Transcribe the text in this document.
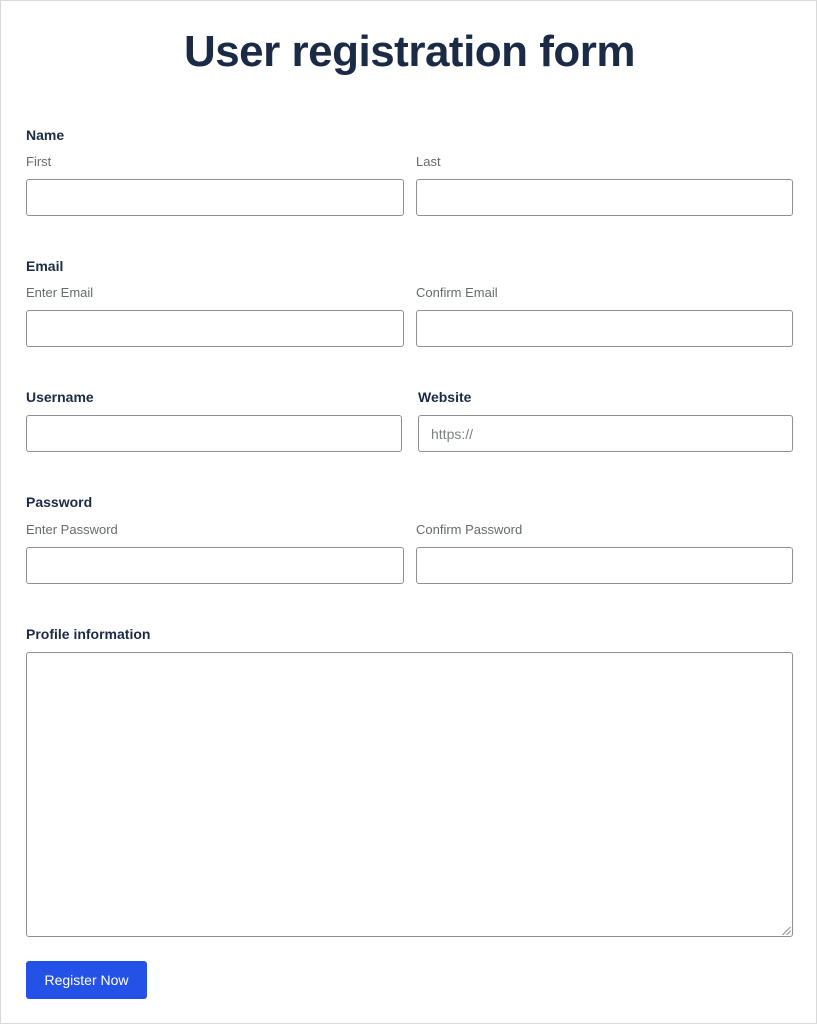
User registration form
Name
First	Last
Email
Enter Email	Confirm Email
Username	Website
https://
Password
Enter Password	Confirm Password
Profile information
Register Now
